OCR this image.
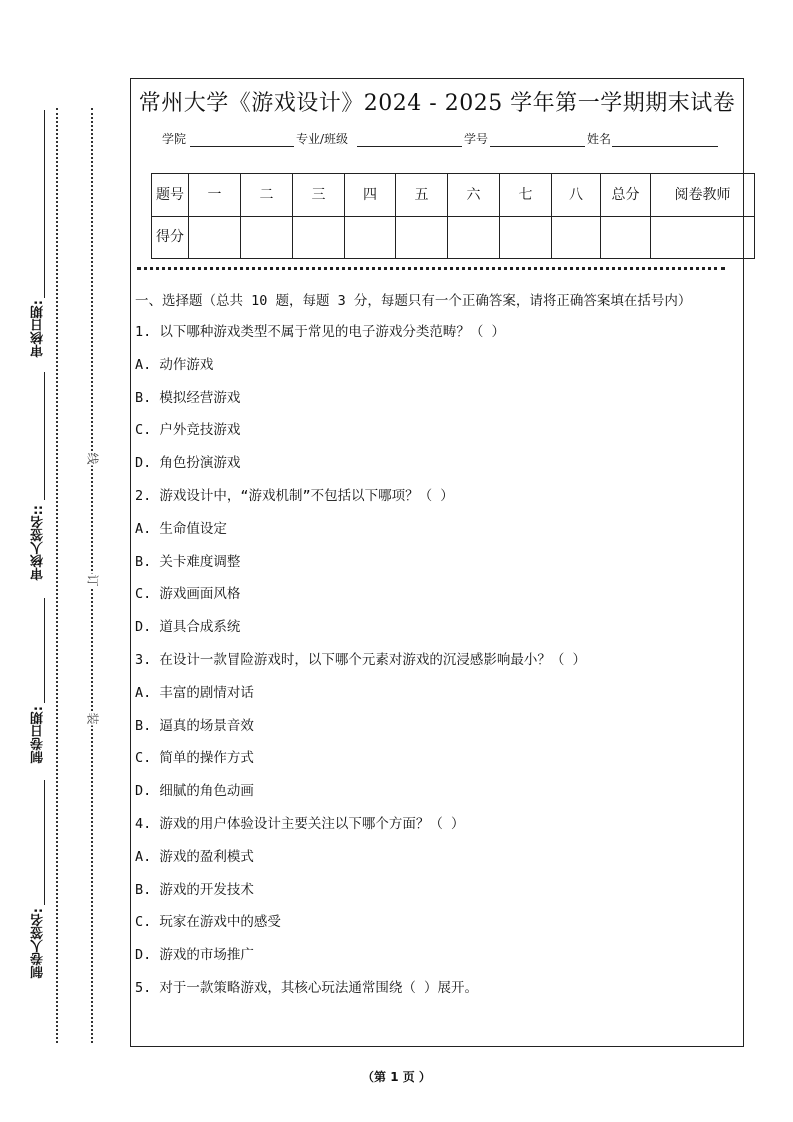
审核日期:
审核人签名::
制卷日期:
制卷人签名:
线
订
装
常州大学《游戏设计》2024 - 2025 学年第一学期期末试卷
学院	专业/班级	学号	姓名
题号	一	二	三	四	五	六	七	八	总分	阅卷教师
得分										
一、选择题（总共 10 题，每题 3 分，每题只有一个正确答案，请将正确答案填在括号内）
1. 以下哪种游戏类型不属于常见的电子游戏分类范畴？（ ）
A. 动作游戏
B. 模拟经营游戏
C. 户外竞技游戏
D. 角色扮演游戏
2. 游戏设计中，“游戏机制”不包括以下哪项？（ ）
A. 生命值设定
B. 关卡难度调整
C. 游戏画面风格
D. 道具合成系统
3. 在设计一款冒险游戏时，以下哪个元素对游戏的沉浸感影响最小？（ ）
A. 丰富的剧情对话
B. 逼真的场景音效
C. 简单的操作方式
D. 细腻的角色动画
4. 游戏的用户体验设计主要关注以下哪个方面？（ ）
A. 游戏的盈利模式
B. 游戏的开发技术
C. 玩家在游戏中的感受
D. 游戏的市场推广
5. 对于一款策略游戏，其核心玩法通常围绕（ ）展开。
（第 1 页 ）
